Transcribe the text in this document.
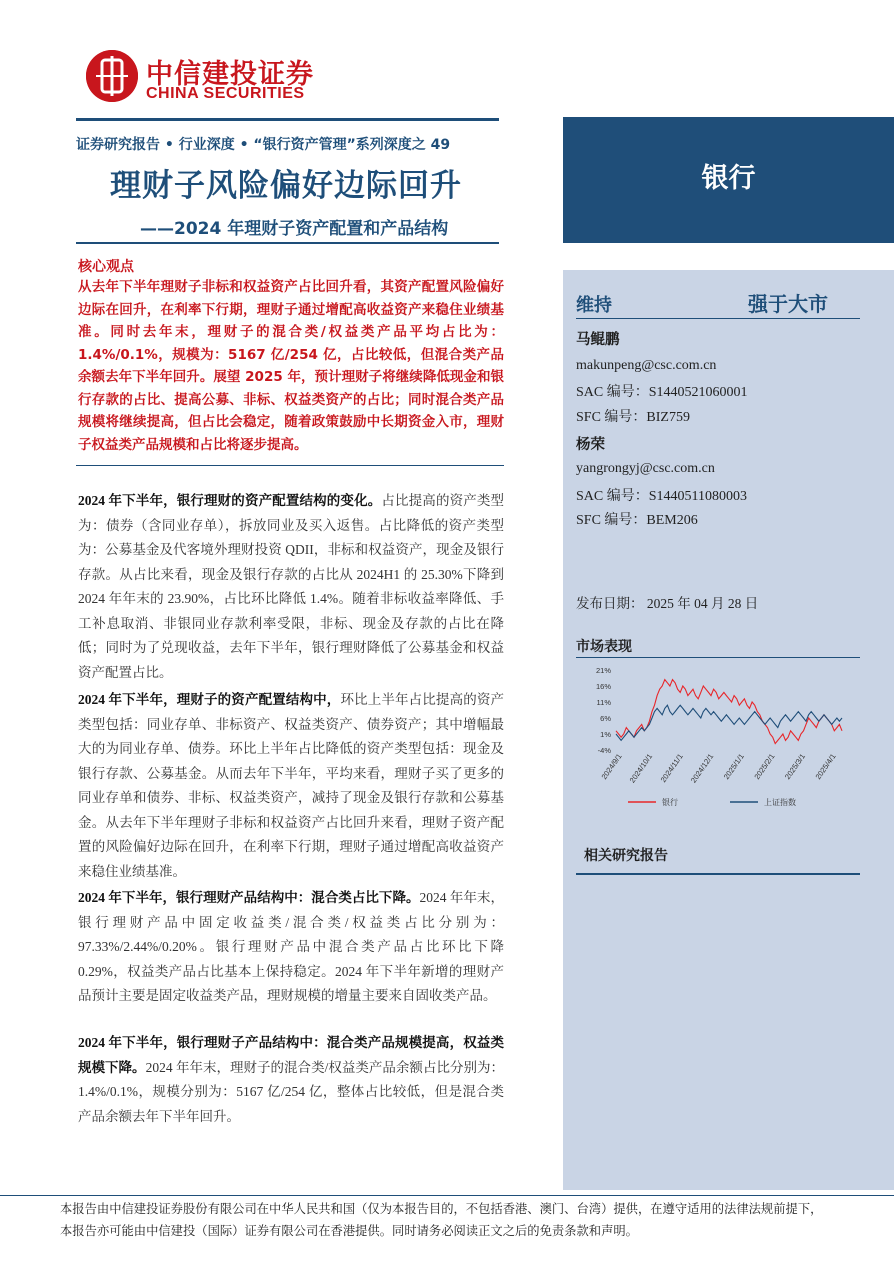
中信建投证券
CHINA SECURITIES
证券研究报告 • 行业深度 • “银行资产管理”系列深度之 49
理财子风险偏好边际回升
——2024 年理财子资产配置和产品结构
银行
核心观点
从去年下半年理财子非标和权益资产占比回升看，其资产配置风险偏好边际在回升，在利率下行期，理财子通过增配高收益资产来稳住业绩基准。同时去年末，理财子的混合类/权益类产品平均占比为：1.4%/0.1%，规模为：5167 亿/254 亿，占比较低，但混合类产品余额去年下半年回升。展望 2025 年，预计理财子将继续降低现金和银行存款的占比、提高公募、非标、权益类资产的占比；同时混合类产品规模将继续提高，但占比会稳定，随着政策鼓励中长期资金入市，理财子权益类产品规模和占比将逐步提高。
2024 年下半年，银行理财的资产配置结构的变化。占比提高的资产类型为：债券（含同业存单），拆放同业及买入返售。占比降低的资产类型为：公募基金及代客境外理财投资 QDII，非标和权益资产，现金及银行存款。从占比来看，现金及银行存款的占比从 2024H1 的 25.30%下降到 2024 年年末的 23.90%，占比环比降低 1.4%。随着非标收益率降低、手工补息取消、非银同业存款利率受限，非标、现金及存款的占比在降低；同时为了兑现收益，去年下半年，银行理财降低了公募基金和权益资产配置占比。
2024 年下半年，理财子的资产配置结构中，环比上半年占比提高的资产类型包括：同业存单、非标资产、权益类资产、债券资产；其中增幅最大的为同业存单、债券。环比上半年占比降低的资产类型包括：现金及银行存款、公募基金。从而去年下半年，平均来看，理财子买了更多的同业存单和债券、非标、权益类资产，减持了现金及银行存款和公募基金。从去年下半年理财子非标和权益资产占比回升来看，理财子资产配置的风险偏好边际在回升，在利率下行期，理财子通过增配高收益资产来稳住业绩基准。
2024 年下半年，银行理财产品结构中：混合类占比下降。2024 年年末，银行理财产品中固定收益类/混合类/权益类占比分别为：97.33%/2.44%/0.20%。银行理财产品中混合类产品占比环比下降 0.29%，权益类产品占比基本上保持稳定。2024 年下半年新增的理财产品预计主要是固定收益类产品，理财规模的增量主要来自固收类产品。
2024 年下半年，银行理财子产品结构中：混合类产品规模提高，权益类规模下降。2024 年年末，理财子的混合类/权益类产品余额占比分别为：1.4%/0.1%，规模分别为：5167 亿/254 亿，整体占比较低，但是混合类产品余额去年下半年回升。
维持	强于大市
马鲲鹏
makunpeng@csc.com.cn
SAC 编号：S1440521060001
SFC 编号：BIZ759
杨荣
yangrongyj@csc.com.cn
SAC 编号：S1440511080003
SFC 编号：BEM206
发布日期： 2025 年 04 月 28 日
市场表现
21%
16%
11%
6%
1%
-4%
2024/9/1 2024/10/1 2024/11/1 2024/12/1 2025/1/1 2025/2/1 2025/3/1 2025/4/1
银行	上证指数
相关研究报告
本报告由中信建投证券股份有限公司在中华人民共和国（仅为本报告目的，不包括香港、澳门、台湾）提供，在遵守适用的法律法规前提下，
本报告亦可能由中信建投（国际）证券有限公司在香港提供。同时请务必阅读正文之后的免责条款和声明。
